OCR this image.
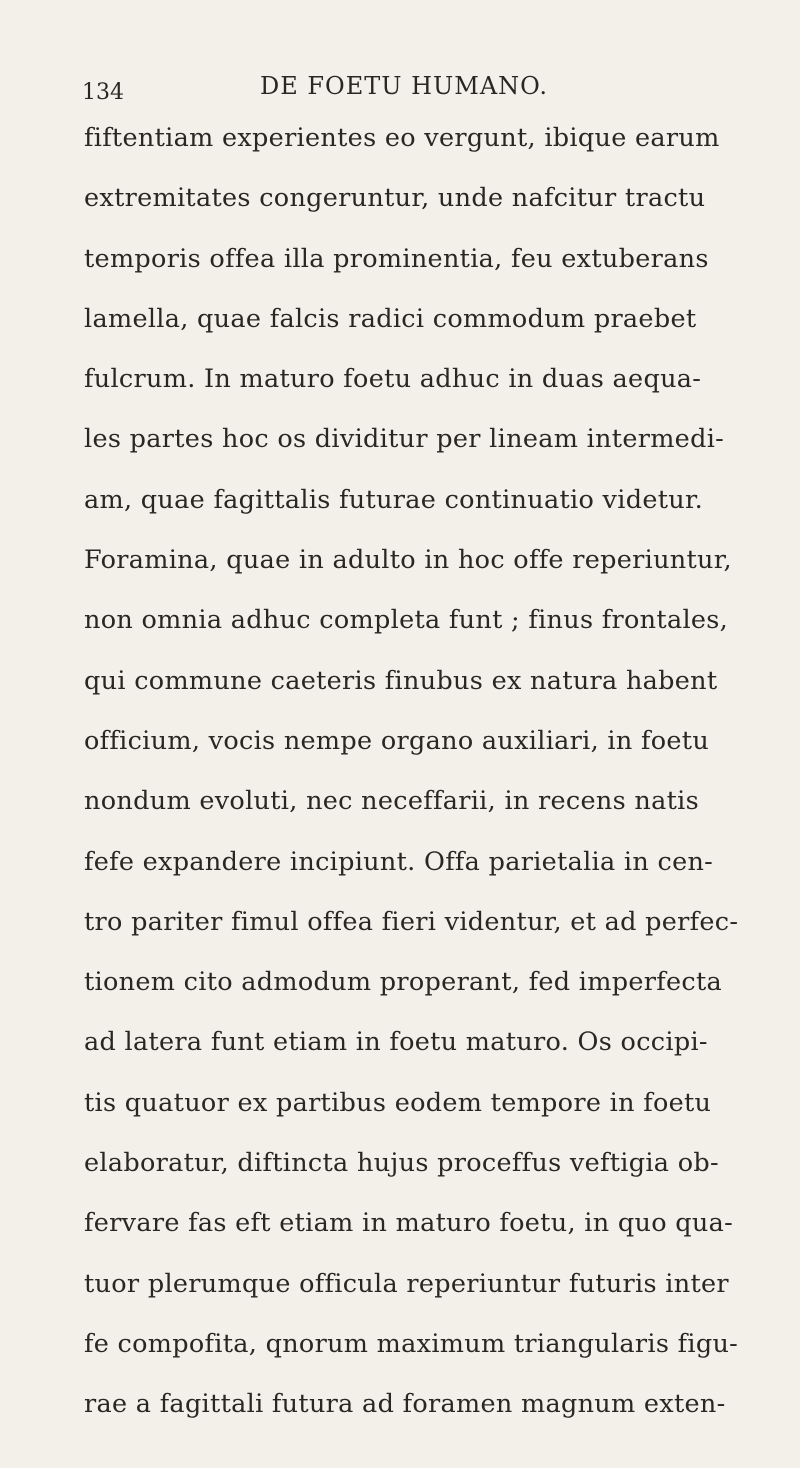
134	DE FOETU HUMANO.
fiftentiam experientes eo vergunt, ibique earum
extremitates congeruntur, unde nafcitur tractu
temporis offea illa prominentia, feu extuberans
lamella, quae falcis radici commodum praebet
fulcrum. In maturo foetu adhuc in duas aequa-
les partes hoc os dividitur per lineam intermedi-
am, quae fagittalis futurae continuatio videtur.
Foramina, quae in adulto in hoc offe reperiuntur,
non omnia adhuc completa funt ; finus frontales,
qui commune caeteris finubus ex natura habent
officium, vocis nempe organo auxiliari, in foetu
nondum evoluti, nec neceffarii, in recens natis
fefe expandere incipiunt. Offa parietalia in cen-
tro pariter fimul offea fieri videntur, et ad perfec-
tionem cito admodum properant, fed imperfecta
ad latera funt etiam in foetu maturo. Os occipi-
tis quatuor ex partibus eodem tempore in foetu
elaboratur, diftincta hujus proceffus veftigia ob-
fervare fas eft etiam in maturo foetu, in quo qua-
tuor plerumque officula reperiuntur futuris inter
fe compofita, qnorum maximum triangularis figu-
rae a fagittali futura ad foramen magnum exten-
